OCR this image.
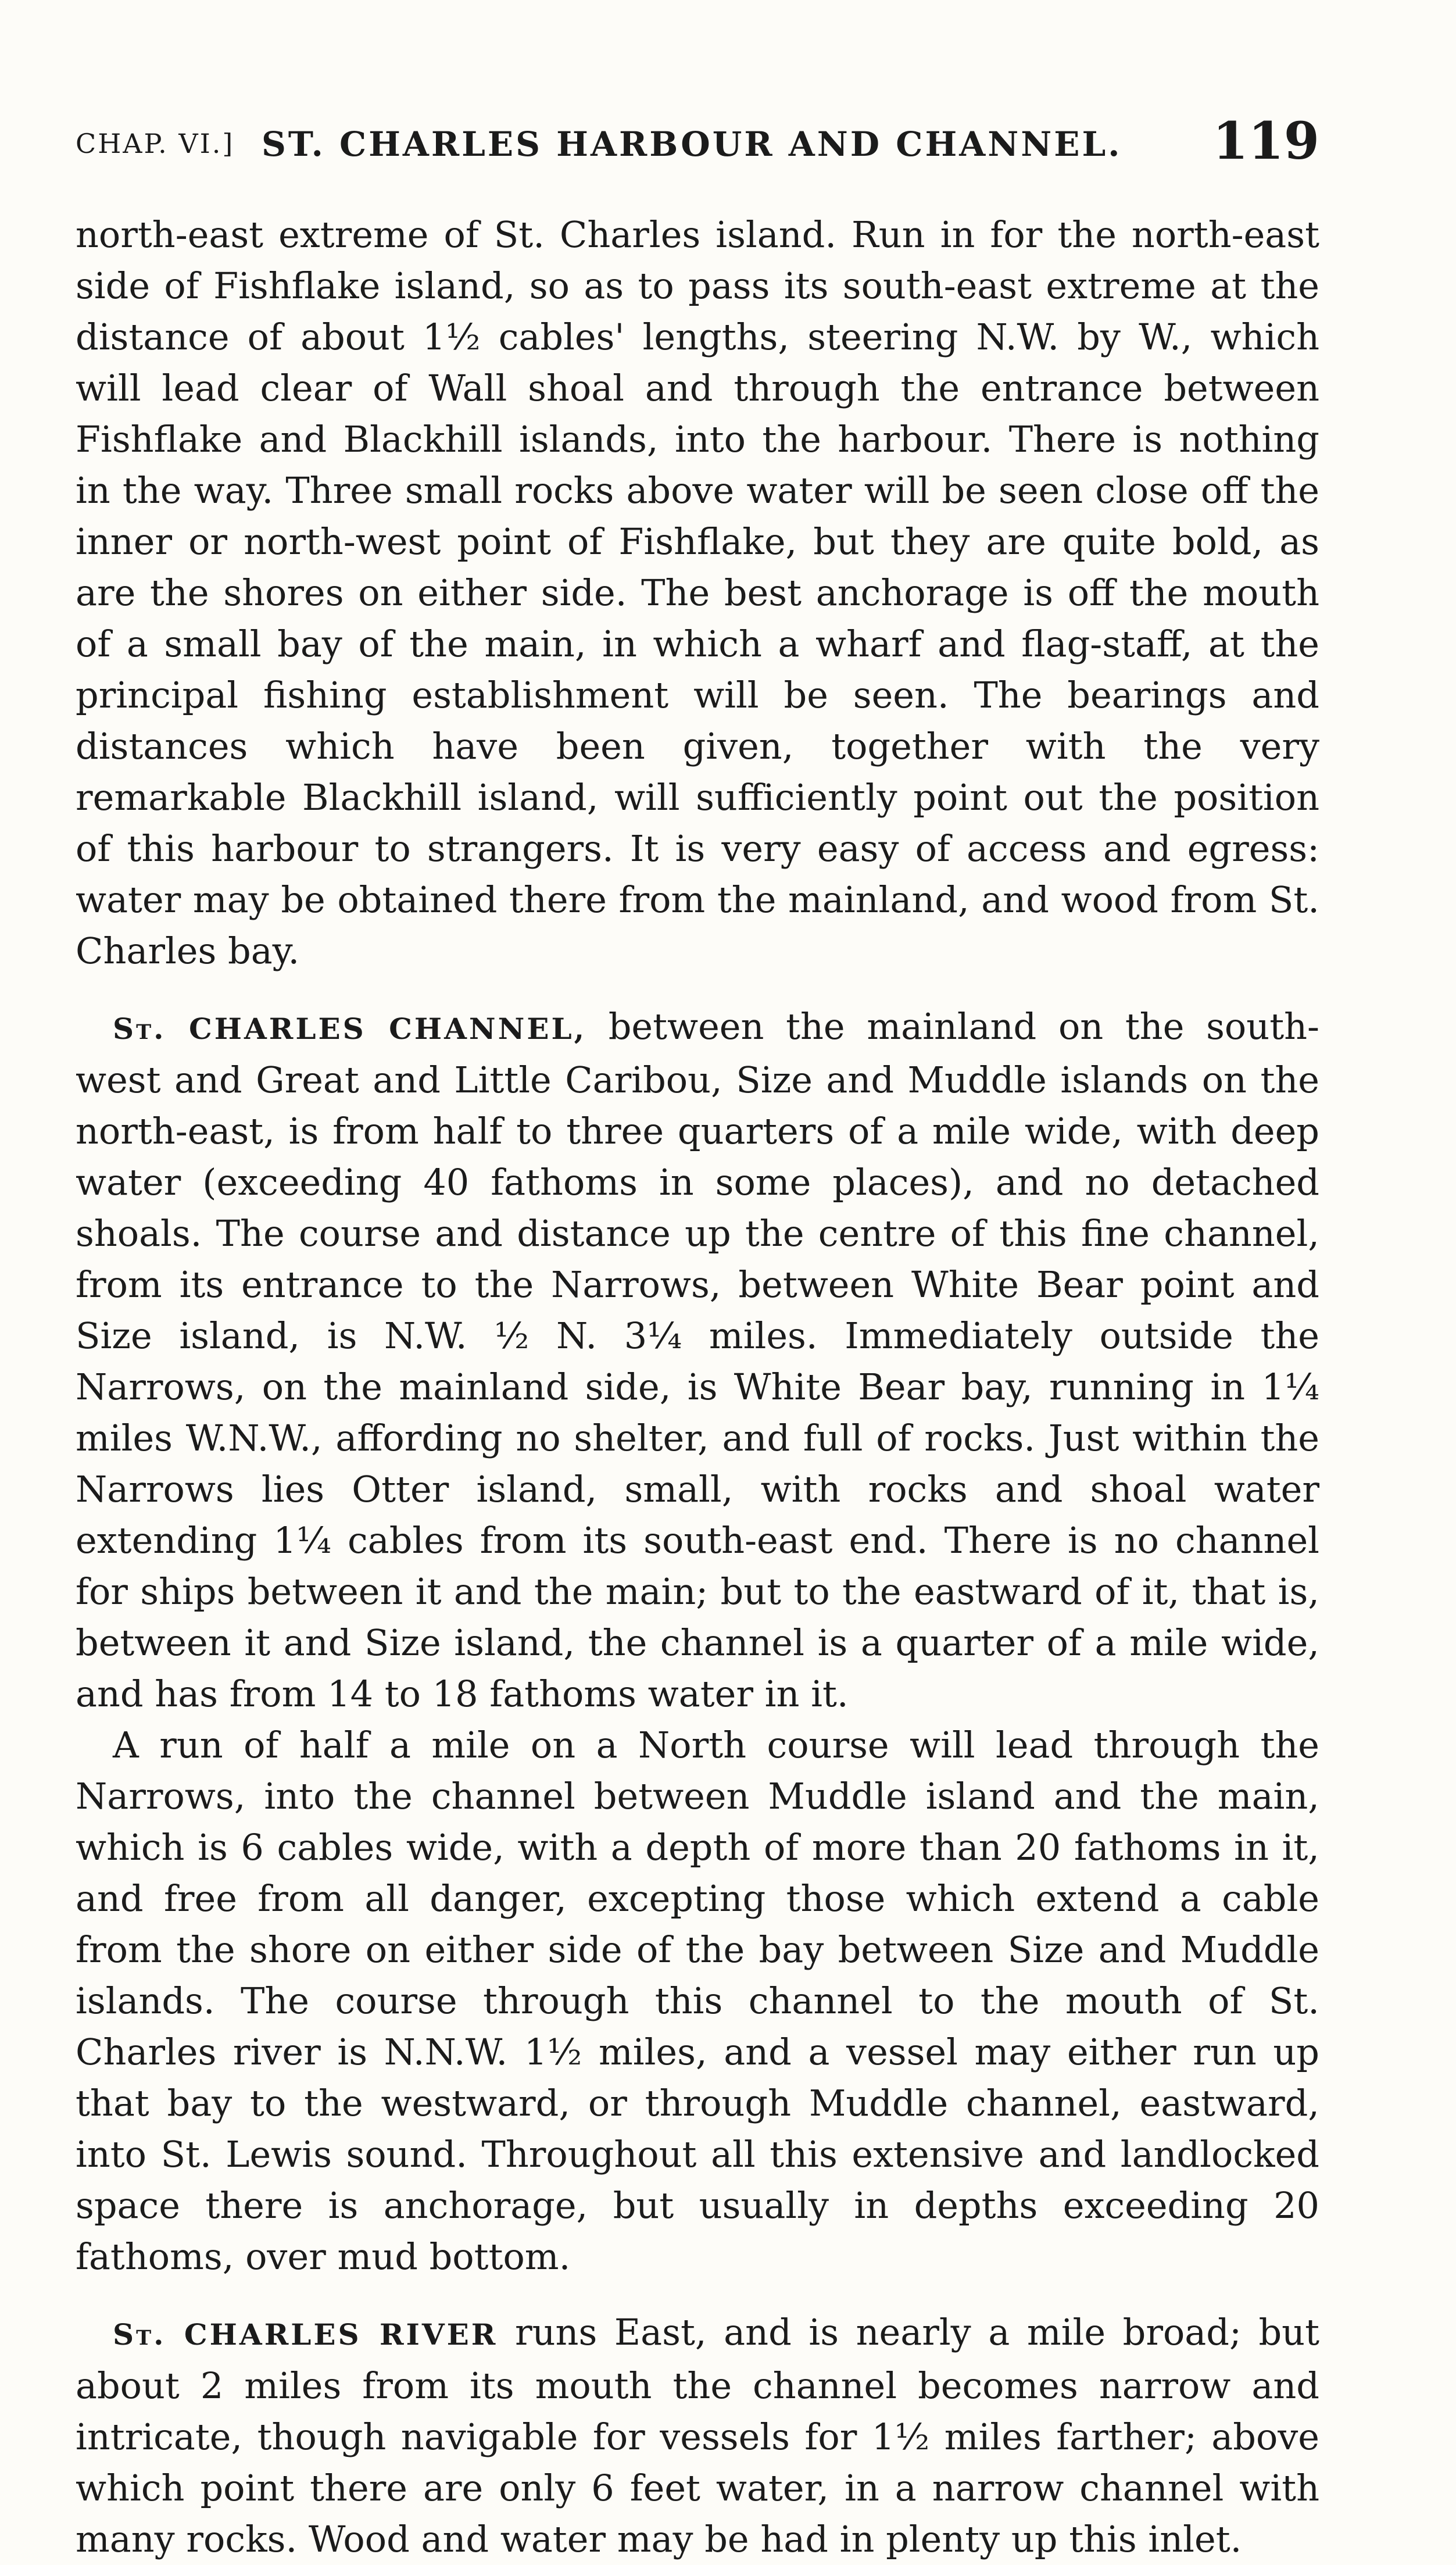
CHAP. VI.] ST. CHARLES HARBOUR AND CHANNEL. 119

north-east extreme of St. Charles island. Run in for the north-east side of Fishflake island, so as to pass its south-east extreme at the distance of about 1½ cables' lengths, steering N.W. by W., which will lead clear of Wall shoal and through the entrance between Fishflake and Blackhill islands, into the harbour. There is nothing in the way. Three small rocks above water will be seen close off the inner or north-west point of Fishflake, but they are quite bold, as are the shores on either side. The best anchorage is off the mouth of a small bay of the main, in which a wharf and flag-staff, at the principal fishing establishment will be seen. The bearings and distances which have been given, together with the very remarkable Blackhill island, will sufficiently point out the position of this harbour to strangers. It is very easy of access and egress: water may be obtained there from the mainland, and wood from St. Charles bay.

St. CHARLES CHANNEL, between the mainland on the south-west and Great and Little Caribou, Size and Muddle islands on the north-east, is from half to three quarters of a mile wide, with deep water (exceeding 40 fathoms in some places), and no detached shoals. The course and distance up the centre of this fine channel, from its entrance to the Narrows, between White Bear point and Size island, is N.W. ½ N. 3¼ miles. Immediately outside the Narrows, on the mainland side, is White Bear bay, running in 1¼ miles W.N.W., affording no shelter, and full of rocks. Just within the Narrows lies Otter island, small, with rocks and shoal water extending 1¼ cables from its south-east end. There is no channel for ships between it and the main; but to the eastward of it, that is, between it and Size island, the channel is a quarter of a mile wide, and has from 14 to 18 fathoms water in it.

A run of half a mile on a North course will lead through the Narrows, into the channel between Muddle island and the main, which is 6 cables wide, with a depth of more than 20 fathoms in it, and free from all danger, excepting those which extend a cable from the shore on either side of the bay between Size and Muddle islands. The course through this channel to the mouth of St. Charles river is N.N.W. 1½ miles, and a vessel may either run up that bay to the westward, or through Muddle channel, eastward, into St. Lewis sound. Throughout all this extensive and landlocked space there is anchorage, but usually in depths exceeding 20 fathoms, over mud bottom.

St. CHARLES RIVER runs East, and is nearly a mile broad; but about 2 miles from its mouth the channel becomes narrow and intricate, though navigable for vessels for 1½ miles farther; above which point there are only 6 feet water, in a narrow channel with many rocks. Wood and water may be had in plenty up this inlet.
